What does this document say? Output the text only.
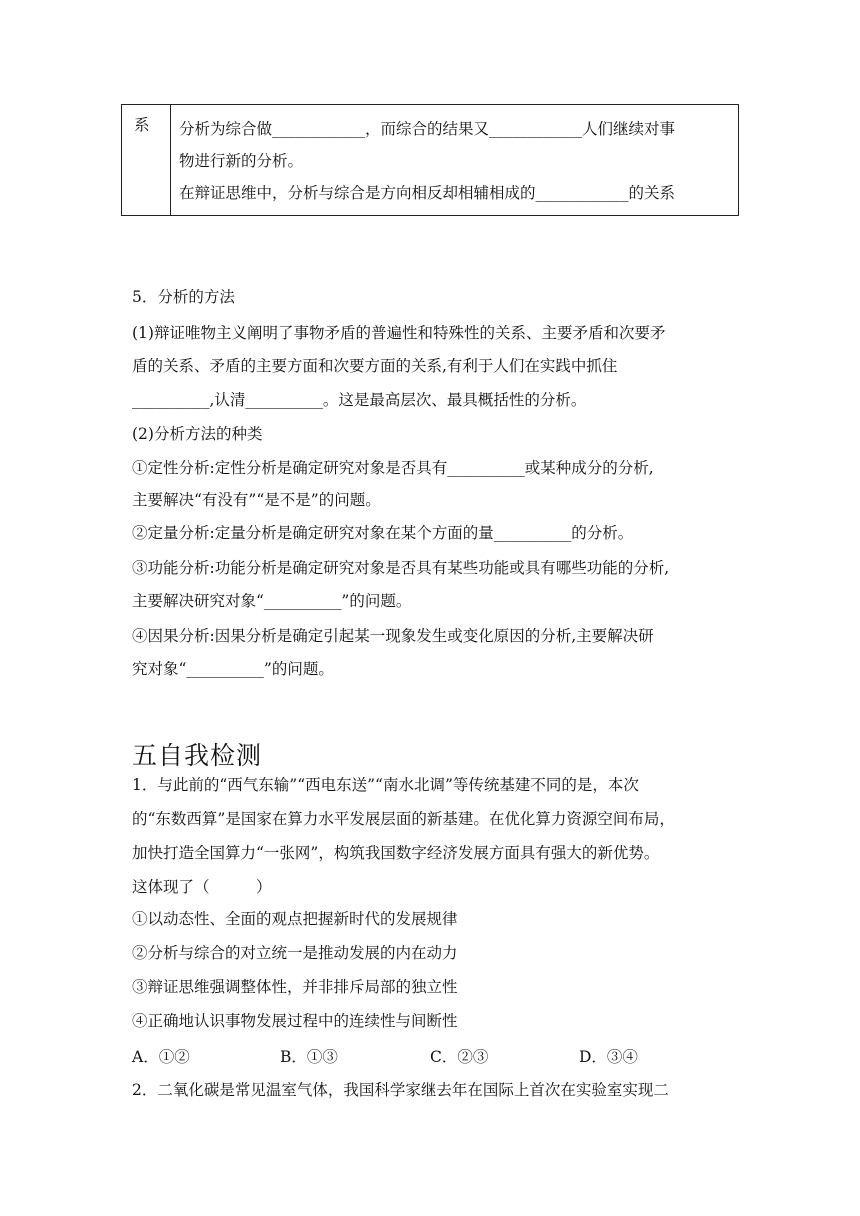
系 分析为综合做____________，而综合的结果又____________人们继续对事

物进行新的分析。

在辩证思维中，分析与综合是方向相反却相辅相成的____________的关系

5．分析的方法
(1)辩证唯物主义阐明了事物矛盾的普遍性和特殊性的关系、主要矛盾和次要矛
盾的关系、矛盾的主要方面和次要方面的关系,有利于人们在实践中抓住
__________,认清__________。这是最高层次、最具概括性的分析。
(2)分析方法的种类
①定性分析:定性分析是确定研究对象是否具有__________或某种成分的分析,
主要解决“有没有”“是不是”的问题。
②定量分析:定量分析是确定研究对象在某个方面的量__________的分析。
③功能分析:功能分析是确定研究对象是否具有某些功能或具有哪些功能的分析,
主要解决研究对象“__________”的问题。
④因果分析:因果分析是确定引起某一现象发生或变化原因的分析,主要解决研
究对象“__________”的问题。
五自我检测
1．与此前的“西气东输”“西电东送”“南水北调”等传统基建不同的是，本次
的“东数西算”是国家在算力水平发展层面的新基建。在优化算力资源空间布局，
加快打造全国算力“一张网”，构筑我国数字经济发展方面具有强大的新优势。
这体现了（　　　）
①以动态性、全面的观点把握新时代的发展规律
②分析与综合的对立统一是推动发展的内在动力
③辩证思维强调整体性，并非排斥局部的独立性
④正确地认识事物发展过程中的连续性与间断性
A．①②	B．①③	C．②③	D．③④
2．二氧化碳是常见温室气体，我国科学家继去年在国际上首次在实验室实现二
